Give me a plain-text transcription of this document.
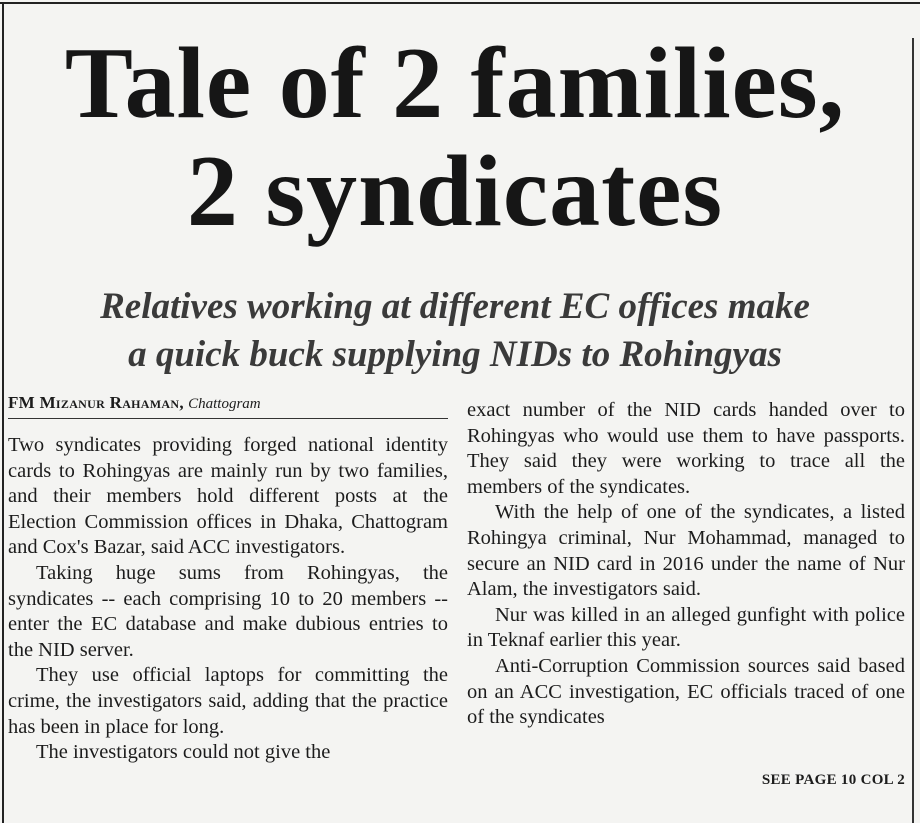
Tale of 2 families,
2 syndicates
Relatives working at different EC offices make
a quick buck supplying NIDs to Rohingyas
FM Mizanur Rahaman, Chattogram

Two syndicates providing forged national identity cards to Rohingyas are mainly run by two families, and their members hold different posts at the Election Commission offices in Dhaka, Chattogram and Cox's Bazar, said ACC investigators.

Taking huge sums from Rohingyas, the syndicates -- each comprising 10 to 20 members -- enter the EC database and make dubious entries to the NID server.

They use official laptops for committing the crime, the investigators said, adding that the practice has been in place for long.

The investigators could not give the

exact number of the NID cards handed over to Rohingyas who would use them to have passports. They said they were working to trace all the members of the syndicates.

With the help of one of the syndicates, a listed Rohingya criminal, Nur Mohammad, managed to secure an NID card in 2016 under the name of Nur Alam, the investigators said.

Nur was killed in an alleged gunfight with police in Teknaf earlier this year.

Anti-Corruption Commission sources said based on an ACC investigation, EC officials traced of one of the syndicates

SEE PAGE 10 COL 2
